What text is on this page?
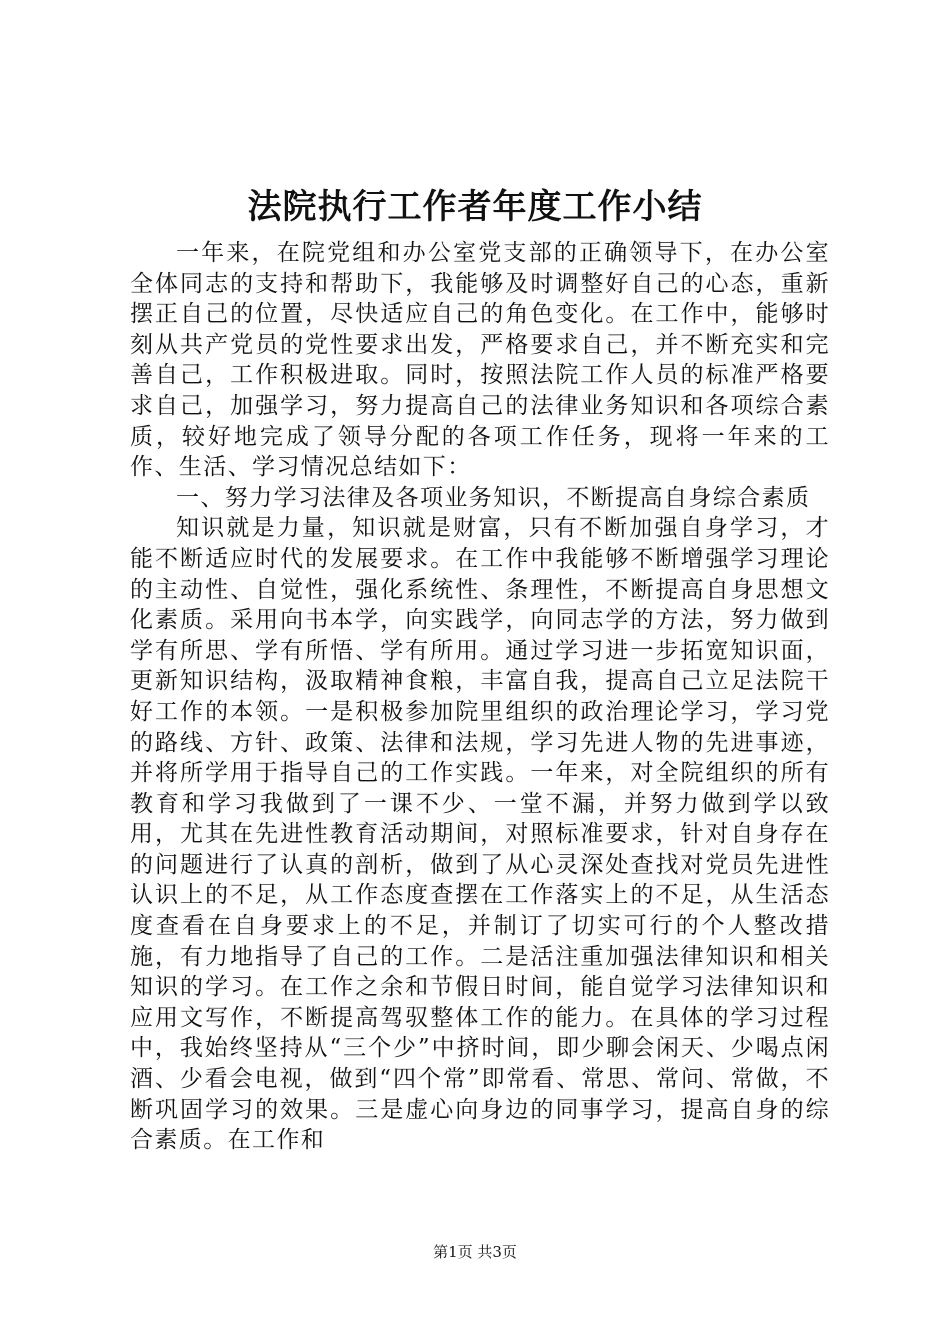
法院执行工作者年度工作小结

一年来，在院党组和办公室党支部的正确领导下，在办公室全体同志的支持和帮助下，我能够及时调整好自己的心态，重新摆正自己的位置，尽快适应自己的角色变化。在工作中，能够时刻从共产党员的党性要求出发，严格要求自己，并不断充实和完善自己，工作积极进取。同时，按照法院工作人员的标准严格要求自己，加强学习，努力提高自己的法律业务知识和各项综合素质，较好地完成了领导分配的各项工作任务，现将一年来的工作、生活、学习情况总结如下：

一、努力学习法律及各项业务知识，不断提高自身综合素质

知识就是力量，知识就是财富，只有不断加强自身学习，才能不断适应时代的发展要求。在工作中我能够不断增强学习理论的主动性、自觉性，强化系统性、条理性，不断提高自身思想文化素质。采用向书本学，向实践学，向同志学的方法，努力做到学有所思、学有所悟、学有所用。通过学习进一步拓宽知识面，更新知识结构，汲取精神食粮，丰富自我，提高自己立足法院干好工作的本领。一是积极参加院里组织的政治理论学习，学习党的路线、方针、政策、法律和法规，学习先进人物的先进事迹，并将所学用于指导自己的工作实践。一年来，对全院组织的所有教育和学习我做到了一课不少、一堂不漏，并努力做到学以致用，尤其在先进性教育活动期间，对照标准要求，针对自身存在的问题进行了认真的剖析，做到了从心灵深处查找对党员先进性认识上的不足，从工作态度查摆在工作落实上的不足，从生活态度查看在自身要求上的不足，并制订了切实可行的个人整改措施，有力地指导了自己的工作。二是活注重加强法律知识和相关知识的学习。在工作之余和节假日时间，能自觉学习法律知识和应用文写作，不断提高驾驭整体工作的能力。在具体的学习过程中，我始终坚持从“三个少”中挤时间，即少聊会闲天、少喝点闲酒、少看会电视，做到“四个常”即常看、常思、常问、常做，不断巩固学习的效果。三是虚心向身边的同事学习，提高自身的综合素质。在工作和

第1页 共3页
